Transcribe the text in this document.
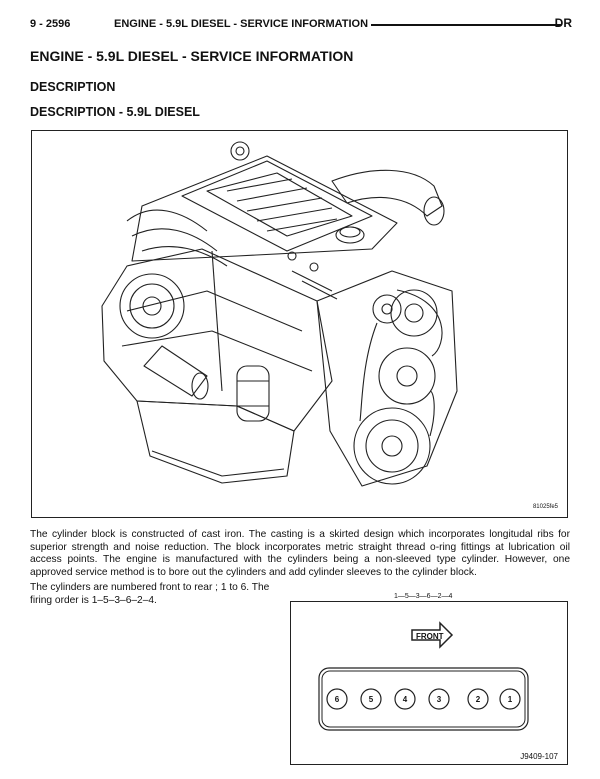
9 - 2596	ENGINE - 5.9L DIESEL - SERVICE INFORMATION	DR
ENGINE - 5.9L DIESEL - SERVICE INFORMATION
DESCRIPTION
DESCRIPTION - 5.9L DIESEL
81025fe5

The cylinder block is constructed of cast iron. The casting is a skirted design which incorporates longitudal ribs for superior strength and noise reduction. The block incorporates metric straight thread o-ring fittings at lubrication oil access points. The engine is manufactured with the cylinders being a non-sleeved type cylinder. However, one approved service method is to bore out the cylinders and add cylinder sleeves to the cylinder block.

The cylinders are numbered front to rear ; 1 to 6. The firing order is 1–5–3–6–2–4.	1—5—3—6—2—4
FRONT
6	5	4	3	2	1
J9409-107
